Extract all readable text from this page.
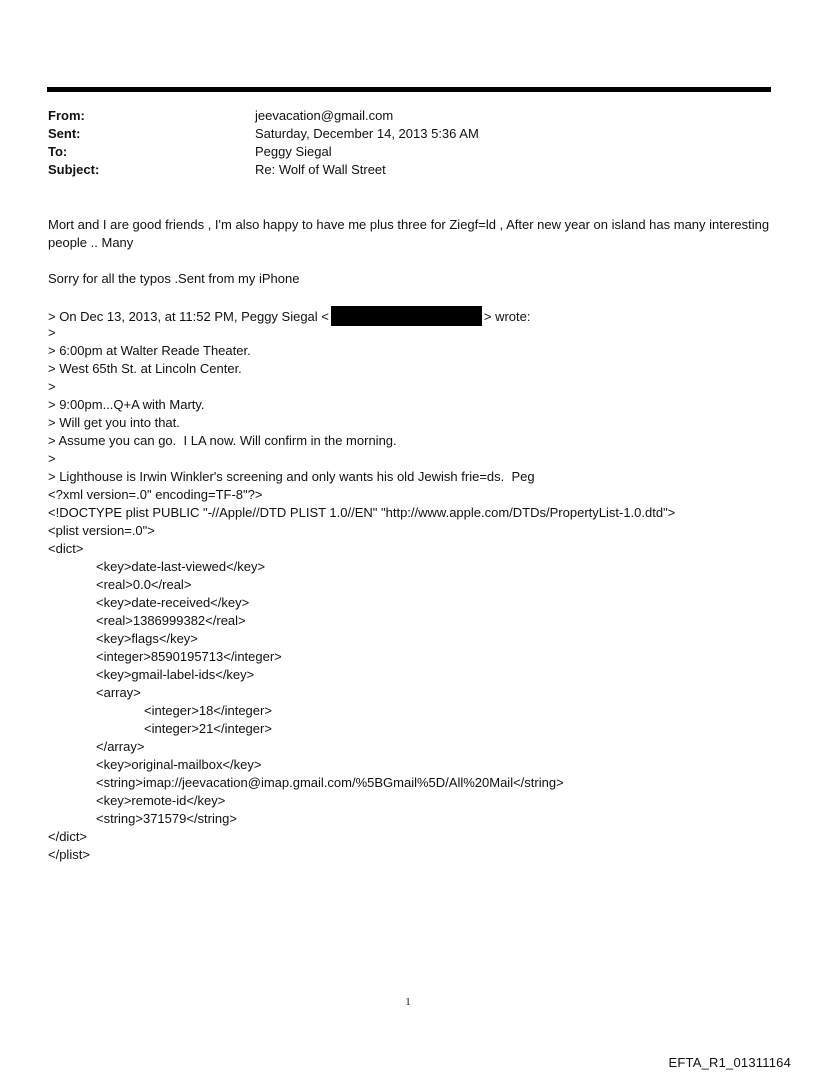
From:	jeevacation@gmail.com
Sent:	Saturday, December 14, 2013 5:36 AM
To:	Peggy Siegal
Subject:	Re: Wolf of Wall Street

Mort and I are good friends , I'm also happy to have me plus three for Ziegf=ld , After new year on island has many interesting people .. Many

Sorry for all the typos .Sent from my iPhone

> On Dec 13, 2013, at 11:52 PM, Peggy Siegal <	> wrote:
>
> 6:00pm at Walter Reade Theater.
> West 65th St. at Lincoln Center.
>
> 9:00pm...Q+A with Marty.
> Will get you into that.
> Assume you can go.  I LA now. Will confirm in the morning.
>
> Lighthouse is Irwin Winkler's screening and only wants his old Jewish frie=ds.  Peg
<?xml version=.0" encoding=TF-8"?>
<!DOCTYPE plist PUBLIC "-//Apple//DTD PLIST 1.0//EN" "http://www.apple.com/DTDs/PropertyList-1.0.dtd">
<plist version=.0">
<dict>
<key>date-last-viewed</key>
<real>0.0</real>
<key>date-received</key>
<real>1386999382</real>
<key>flags</key>
<integer>8590195713</integer>
<key>gmail-label-ids</key>
<array>
<integer>18</integer>
<integer>21</integer>
</array>
<key>original-mailbox</key>
<string>imap://jeevacation@imap.gmail.com/%5BGmail%5D/All%20Mail</string>
<key>remote-id</key>
<string>371579</string>
</dict>
</plist>
1
EFTA_R1_01311164
